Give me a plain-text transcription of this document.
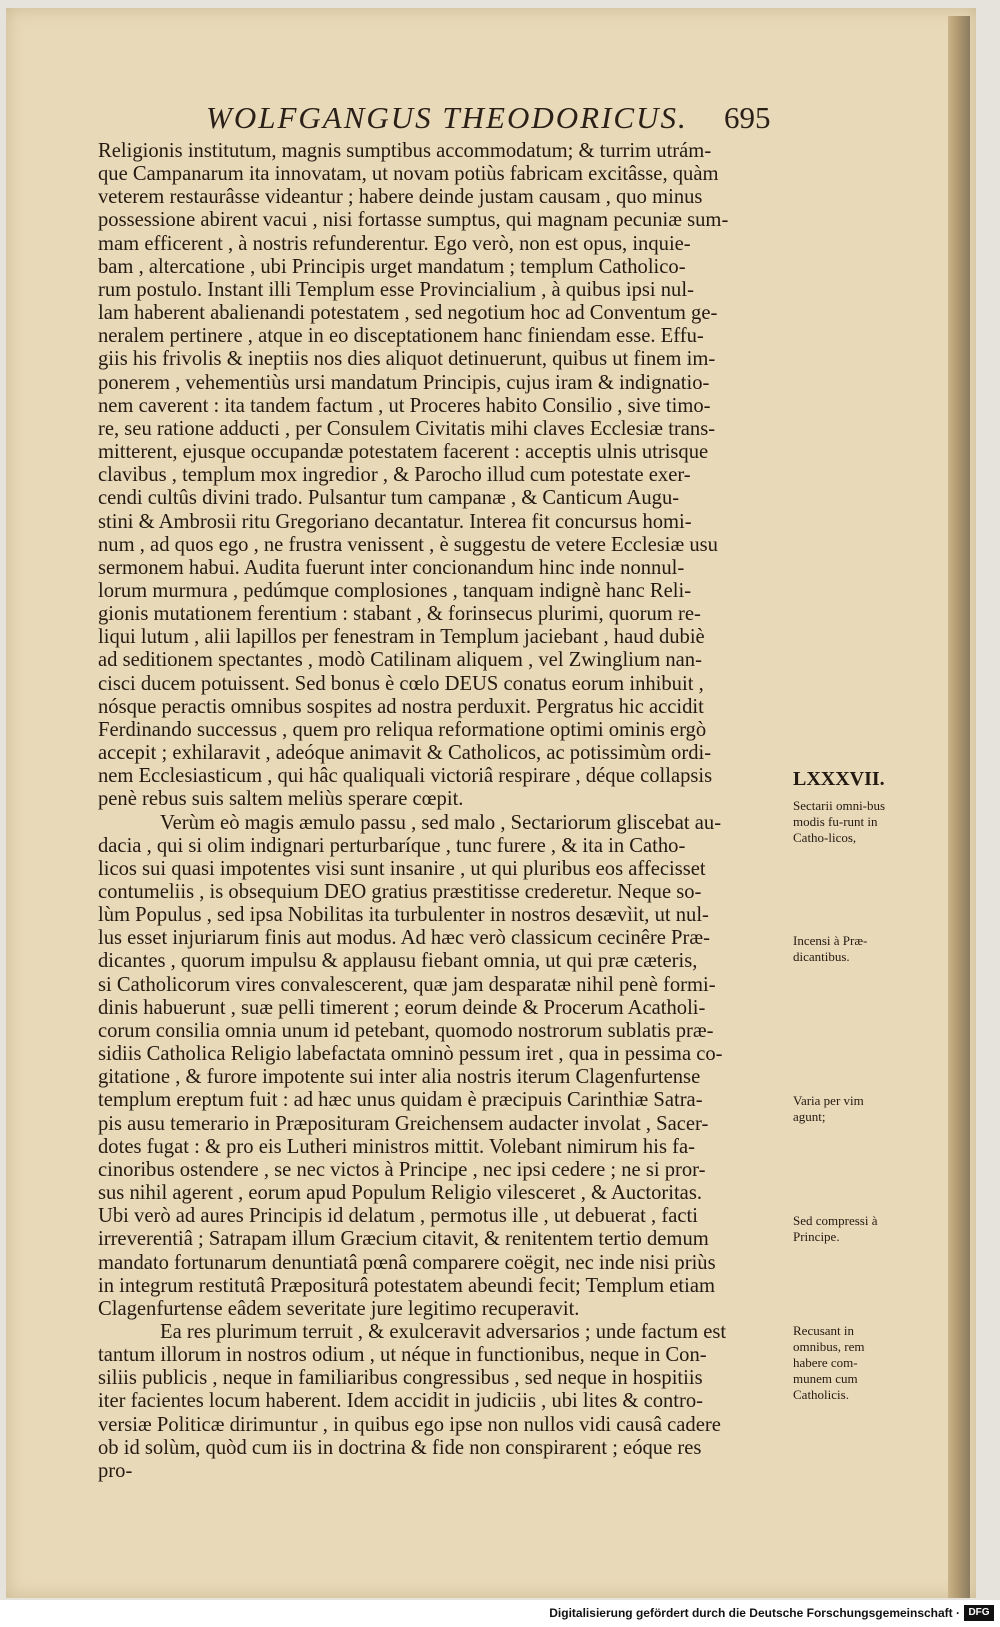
WOLFGANGUS THEODORICUS. 695

Religionis institutum, magnis sumptibus accommodatum; & turrim utrám-
que Campanarum ita innovatam, ut novam potiùs fabricam excitâsse, quàm
veterem restaurâsse videantur ; habere deinde justam causam , quo minus
possessione abirent vacui , nisi fortasse sumptus, qui magnam pecuniæ sum-
mam efficerent , à nostris refunderentur. Ego verò, non est opus, inquie-
bam , altercatione , ubi Principis urget mandatum ; templum Catholico-
rum postulo. Instant illi Templum esse Provincialium , à quibus ipsi nul-
lam haberent abalienandi potestatem , sed negotium hoc ad Conventum ge-
neralem pertinere , atque in eo disceptationem hanc finiendam esse. Effu-
giis his frivolis & ineptiis nos dies aliquot detinuerunt, quibus ut finem im-
ponerem , vehementiùs ursi mandatum Principis, cujus iram & indignatio-
nem caverent : ita tandem factum , ut Proceres habito Consilio , sive timo-
re, seu ratione adducti , per Consulem Civitatis mihi claves Ecclesiæ trans-
mitterent, ejusque occupandæ potestatem facerent : acceptis ulnis utrisque
clavibus , templum mox ingredior , & Parocho illud cum potestate exer-
cendi cultûs divini trado. Pulsantur tum campanæ , & Canticum Augu-
stini & Ambrosii ritu Gregoriano decantatur. Interea fit concursus homi-
num , ad quos ego , ne frustra venissent , è suggestu de vetere Ecclesiæ usu
sermonem habui. Audita fuerunt inter concionandum hinc inde nonnul-
lorum murmura , pedúmque complosiones , tanquam indignè hanc Reli-
gionis mutationem ferentium : stabant , & forinsecus plurimi, quorum re-
liqui lutum , alii lapillos per fenestram in Templum jaciebant , haud dubiè
ad seditionem spectantes , modò Catilinam aliquem , vel Zwinglium nan-
cisci ducem potuissent. Sed bonus è cœlo DEUS conatus eorum inhibuit ,
nósque peractis omnibus sospites ad nostra perduxit. Pergratus hic accidit
Ferdinando successus , quem pro reliqua reformatione optimi ominis ergò
accepit ; exhilaravit , adeóque animavit & Catholicos, ac potissimùm ordi-
nem Ecclesiasticum , qui hâc qualiquali victoriâ respirare , déque collapsis
penè rebus suis saltem meliùs sperare cœpit.

Verùm eò magis æmulo passu , sed malo , Sectariorum gliscebat au-
dacia , qui si olim indignari perturbaríque , tunc furere , & ita in Catho-
licos sui quasi impotentes visi sunt insanire , ut qui pluribus eos affecisset
contumeliis , is obsequium DEO gratius præstitisse crederetur. Neque so-
lùm Populus , sed ipsa Nobilitas ita turbulenter in nostros desævìit, ut nul-
lus esset injuriarum finis aut modus. Ad hæc verò classicum cecinêre Præ-
dicantes , quorum impulsu & applausu fiebant omnia, ut qui præ cæteris,
si Catholicorum vires convalescerent, quæ jam desparatæ nihil penè formi-
dinis habuerunt , suæ pelli timerent ; eorum deinde & Procerum Acatholi-
corum consilia omnia unum id petebant, quomodo nostrorum sublatis præ-
sidiis Catholica Religio labefactata omninò pessum iret , qua in pessima co-
gitatione , & furore impotente sui inter alia nostris iterum Clagenfurtense
templum ereptum fuit : ad hæc unus quidam è præcipuis Carinthiæ Satra-
pis ausu temerario in Præposituram Greichensem audacter involat , Sacer-
dotes fugat : & pro eis Lutheri ministros mittit. Volebant nimirum his fa-
cinoribus ostendere , se nec victos à Principe , nec ipsi cedere ; ne si pror-
sus nihil agerent , eorum apud Populum Religio vilesceret , & Auctoritas.
Ubi verò ad aures Principis id delatum , permotus ille , ut debuerat , facti
irreverentiâ ; Satrapam illum Græcium citavit, & renitentem tertio demum
mandato fortunarum denuntiatâ pœnâ comparere coëgit, nec inde nisi priùs
in integrum restitutâ Præpositurâ potestatem abeundi fecit; Templum etiam
Clagenfurtense eâdem severitate jure legitimo recuperavit.

Ea res plurimum terruit , & exulceravit adversarios ; unde factum est
tantum illorum in nostros odium , ut néque in functionibus, neque in Con-
siliis publicis , neque in familiaribus congressibus , sed neque in hospitiis
iter facientes locum haberent. Idem accidit in judiciis , ubi lites & contro-
versiæ Politicæ dirimuntur , in quibus ego ipse non nullos vidi causâ cadere
ob id solùm, quòd cum iis in doctrina & fide non conspirarent ; eóque res
pro-

LXXXVII.
Sectarii omni-bus modis fu-runt in Catho-licos,
Incensi à Præ-dicantibus.
Varia per vim agunt;
Sed compressi à Principe.
Recusant in omnibus, rem habere com-munem cum Catholicis.
Digitalisierung gefördert durch die Deutsche Forschungsgemeinschaft · DFG
